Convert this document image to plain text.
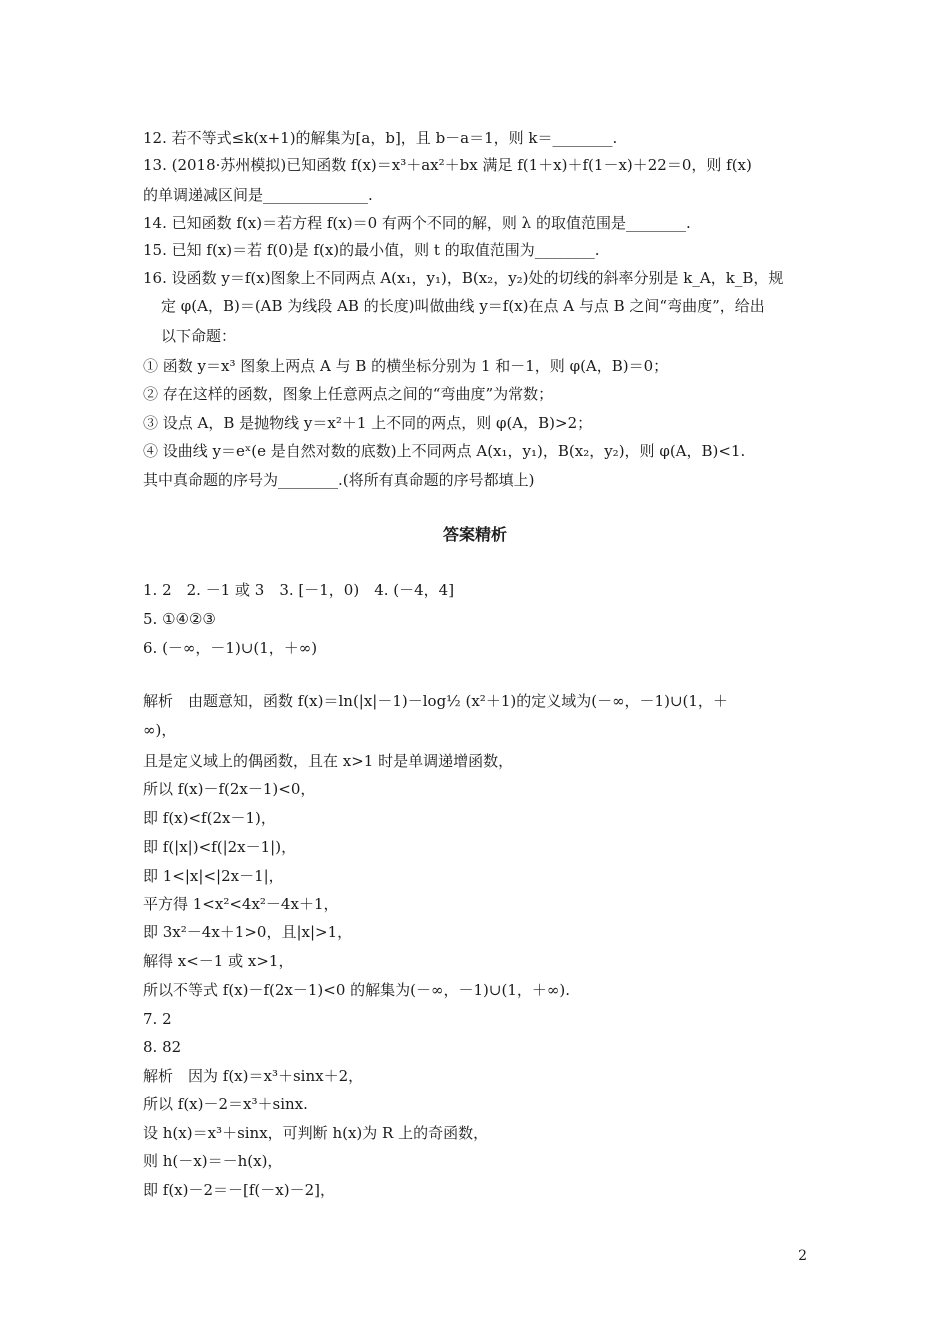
12. 若不等式≤k(x+1)的解集为[a，b]，且 b－a＝1，则 k＝________.
13. (2018·苏州模拟)已知函数 f(x)＝x³＋ax²＋bx 满足 f(1＋x)＋f(1－x)＋22＝0，则 f(x)
的单调递减区间是______________.
14. 已知函数 f(x)＝若方程 f(x)＝0 有两个不同的解，则 λ 的取值范围是________.
15. 已知 f(x)＝若 f(0)是 f(x)的最小值，则 t 的取值范围为________.
16. 设函数 y＝f(x)图象上不同两点 A(x₁，y₁)，B(x₂，y₂)处的切线的斜率分别是 k_A，k_B，规
定 φ(A，B)＝(AB 为线段 AB 的长度)叫做曲线 y＝f(x)在点 A 与点 B 之间“弯曲度”，给出
以下命题：
① 函数 y＝x³ 图象上两点 A 与 B 的横坐标分别为 1 和－1，则 φ(A，B)＝0；
② 存在这样的函数，图象上任意两点之间的“弯曲度”为常数；
③ 设点 A，B 是抛物线 y＝x²＋1 上不同的两点，则 φ(A，B)>2；
④ 设曲线 y＝eˣ(e 是自然对数的底数)上不同两点 A(x₁，y₁)，B(x₂，y₂)，则 φ(A，B)<1.
其中真命题的序号为________.(将所有真命题的序号都填上)
答案精析
1. 2　2. －1 或 3　3. [－1，0)　4. (－4，4]
5. ①④②③
6. (－∞，－1)∪(1，＋∞)
解析　由题意知，函数 f(x)＝ln(|x|－1)－log½ (x²＋1)的定义域为(－∞，－1)∪(1，＋
∞)，
且是定义域上的偶函数，且在 x>1 时是单调递增函数，
所以 f(x)－f(2x－1)<0，
即 f(x)<f(2x－1)，
即 f(|x|)<f(|2x－1|)，
即 1<|x|<|2x－1|，
平方得 1<x²<4x²－4x＋1，
即 3x²－4x＋1>0，且|x|>1，
解得 x<－1 或 x>1，
所以不等式 f(x)－f(2x－1)<0 的解集为(－∞，－1)∪(1，＋∞).
7. 2
8. 82
解析　因为 f(x)＝x³＋sinx＋2，
所以 f(x)－2＝x³＋sinx.
设 h(x)＝x³＋sinx，可判断 h(x)为 R 上的奇函数，
则 h(－x)＝－h(x)，
即 f(x)－2＝－[f(－x)－2]，
2
